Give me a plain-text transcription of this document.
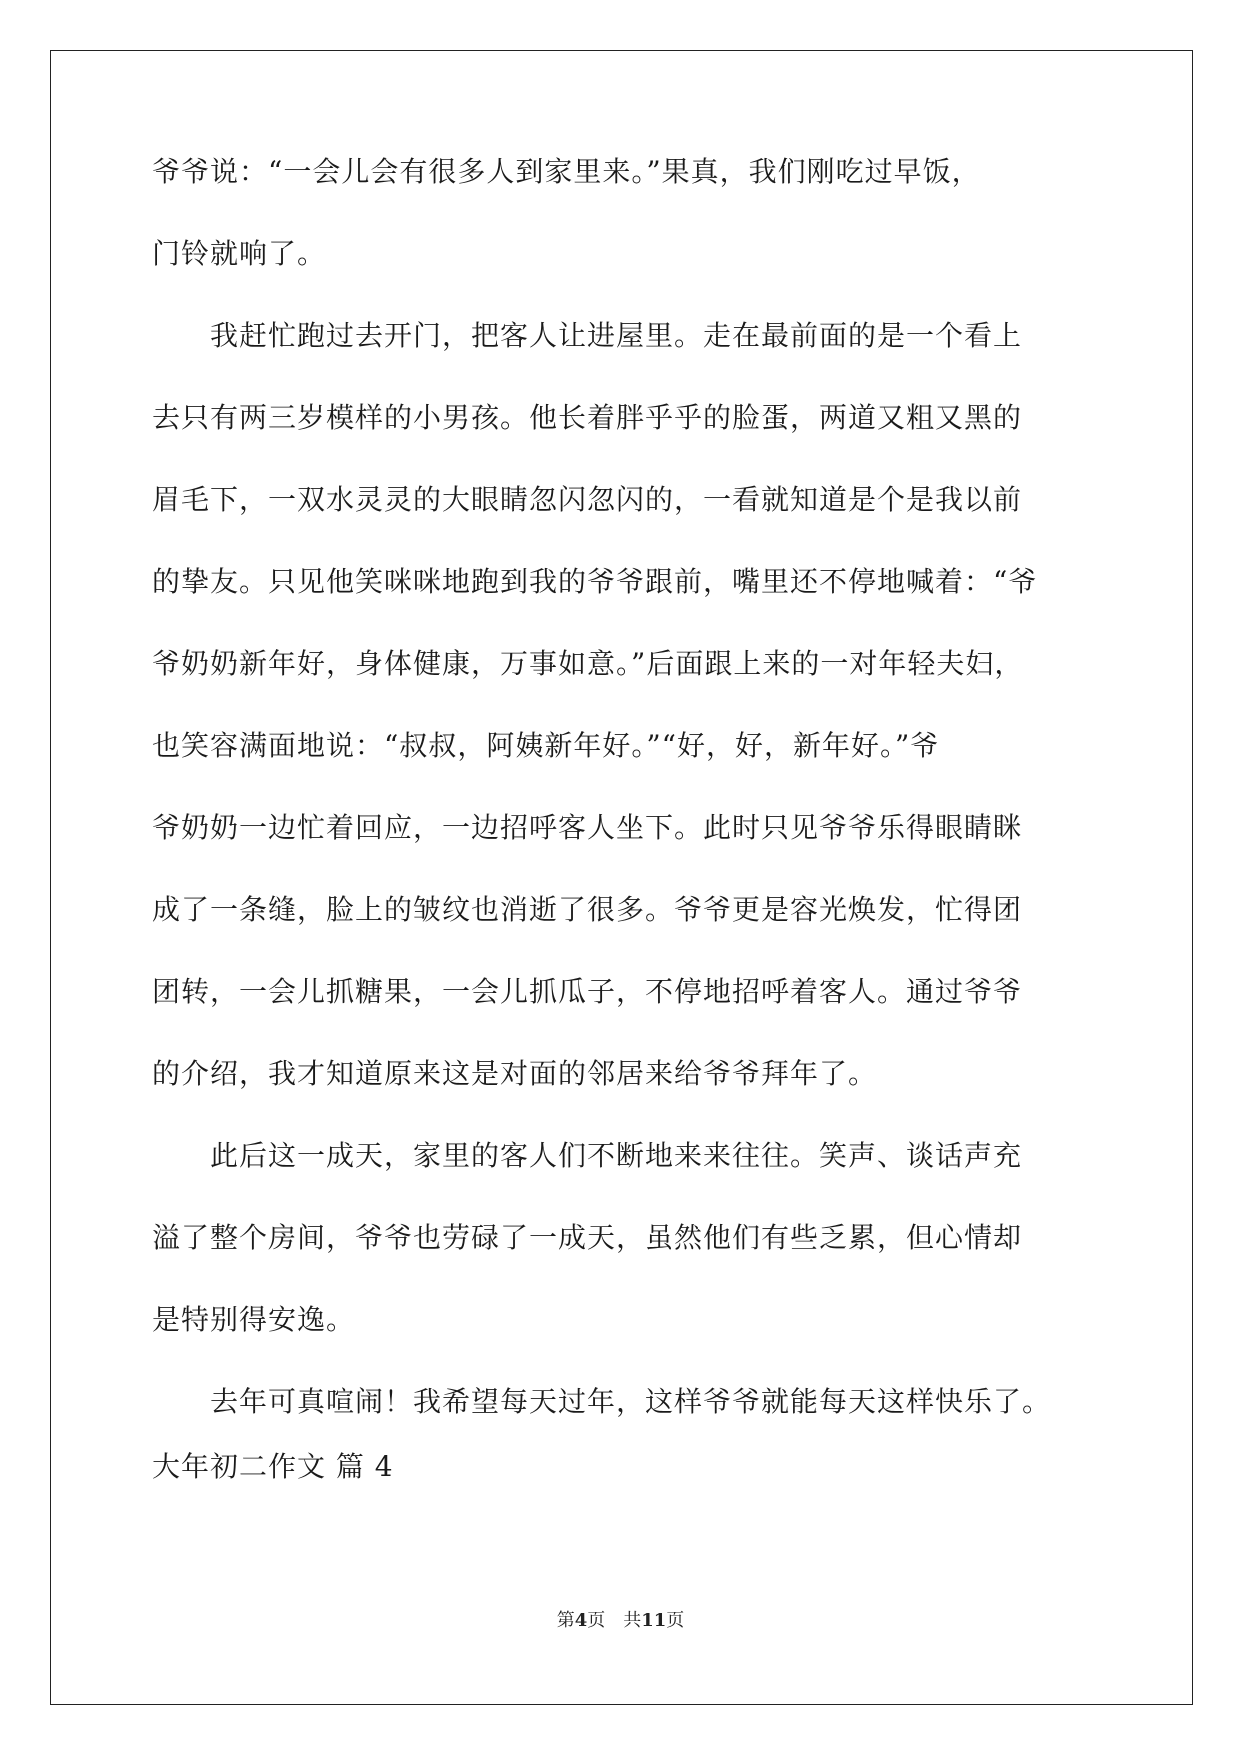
爷爷说：“一会儿会有很多人到家里来。”果真，我们刚吃过早饭，
门铃就响了。
　　我赶忙跑过去开门，把客人让进屋里。走在最前面的是一个看上
去只有两三岁模样的小男孩。他长着胖乎乎的脸蛋，两道又粗又黑的
眉毛下，一双水灵灵的大眼睛忽闪忽闪的，一看就知道是个是我以前
的挚友。只见他笑咪咪地跑到我的爷爷跟前，嘴里还不停地喊着：“爷
爷奶奶新年好，身体健康，万事如意。”后面跟上来的一对年轻夫妇，
也笑容满面地说：“叔叔，阿姨新年好。”“好，好，新年好。”爷
爷奶奶一边忙着回应，一边招呼客人坐下。此时只见爷爷乐得眼睛眯
成了一条缝，脸上的皱纹也消逝了很多。爷爷更是容光焕发，忙得团
团转，一会儿抓糖果，一会儿抓瓜子，不停地招呼着客人。通过爷爷
的介绍，我才知道原来这是对面的邻居来给爷爷拜年了。
　　此后这一成天，家里的客人们不断地来来往往。笑声、谈话声充
溢了整个房间，爷爷也劳碌了一成天，虽然他们有些乏累，但心情却
是特别得安逸。
　　去年可真喧闹！我希望每天过年，这样爷爷就能每天这样快乐了。
大年初二作文 篇 4
第4页 共11页
